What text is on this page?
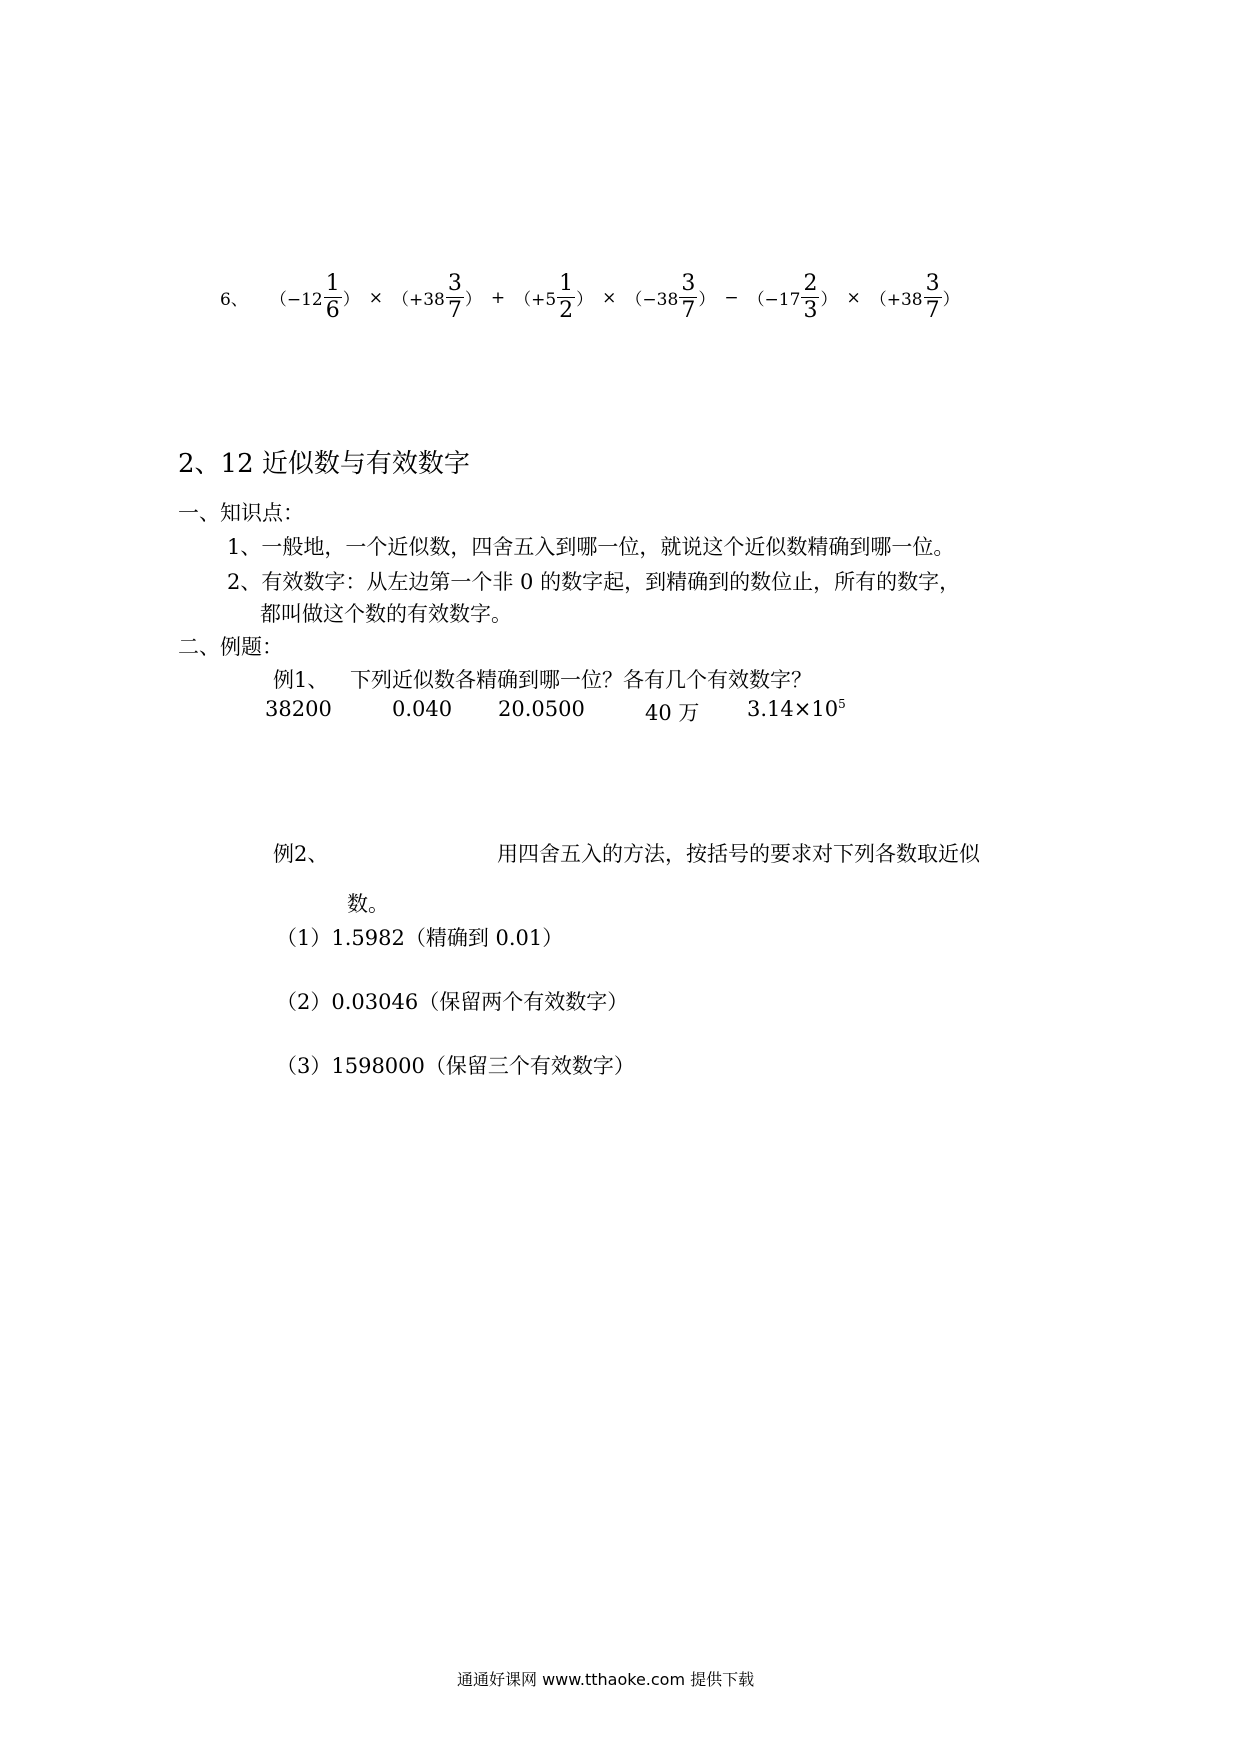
6、 （$-12 \frac{1}{6}$ ） × （$+38 \frac{3}{7}$ ） + （$+5 \frac{1}{2}$ ） × （$-38 \frac{3}{7}$ ） − （$-17 \frac{2}{3}$ ） × （$+38 \frac{3}{7}$ ）
2、12 近似数与有效数字
一、知识点：
1、一般地，一个近似数，四舍五入到哪一位，就说这个近似数精确到哪一位。
2、有效数字：从左边第一个非 0 的数字起，到精确到的数位止，所有的数字，
都叫做这个数的有效数字。
二、例题：
例1、 下列近似数各精确到哪一位？各有几个有效数字？
38200	0.040 20.0500	40 万 $3.14\times 10^5$
例2、	用四舍五入的方法，按括号的要求对下列各数取近似
数。
（1）1.5982（精确到 0.01）
（2）0.03046（保留两个有效数字）
（3）1598000（保留三个有效数字）
通通好课网 www.tthaoke.com 提供下载
